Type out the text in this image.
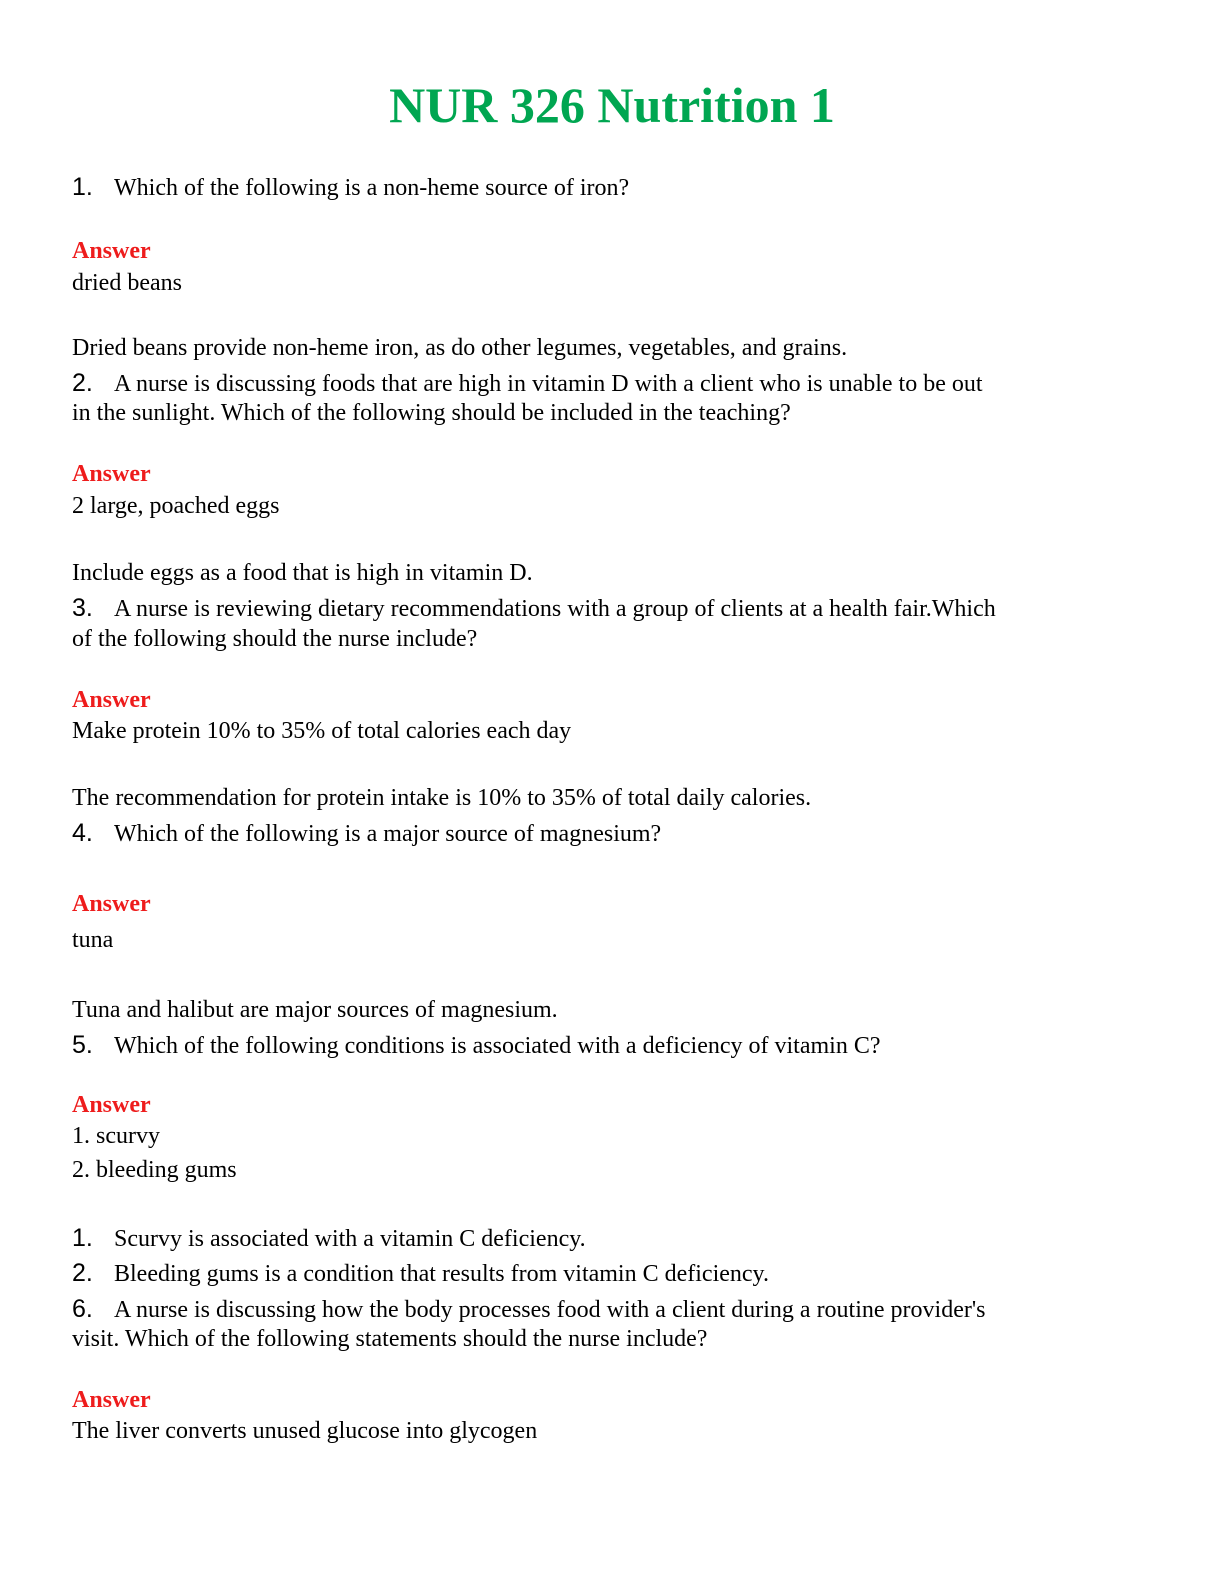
NUR 326 Nutrition 1
1. Which of the following is a non-heme source of iron?
Answer
dried beans
Dried beans provide non-heme iron, as do other legumes, vegetables, and grains.
2. A nurse is discussing foods that are high in vitamin D with a client who is unable to be out
in the sunlight. Which of the following should be included in the teaching?
Answer
2 large, poached eggs
Include eggs as a food that is high in vitamin D.
3. A nurse is reviewing dietary recommendations with a group of clients at a health fair.Which
of the following should the nurse include?
Answer
Make protein 10% to 35% of total calories each day
The recommendation for protein intake is 10% to 35% of total daily calories.
4. Which of the following is a major source of magnesium?
Answer
tuna
Tuna and halibut are major sources of magnesium.
5. Which of the following conditions is associated with a deficiency of vitamin C?
Answer
1. scurvy
2. bleeding gums
1. Scurvy is associated with a vitamin C deficiency.
2. Bleeding gums is a condition that results from vitamin C deficiency.
6. A nurse is discussing how the body processes food with a client during a routine provider's
visit. Which of the following statements should the nurse include?
Answer
The liver converts unused glucose into glycogen
